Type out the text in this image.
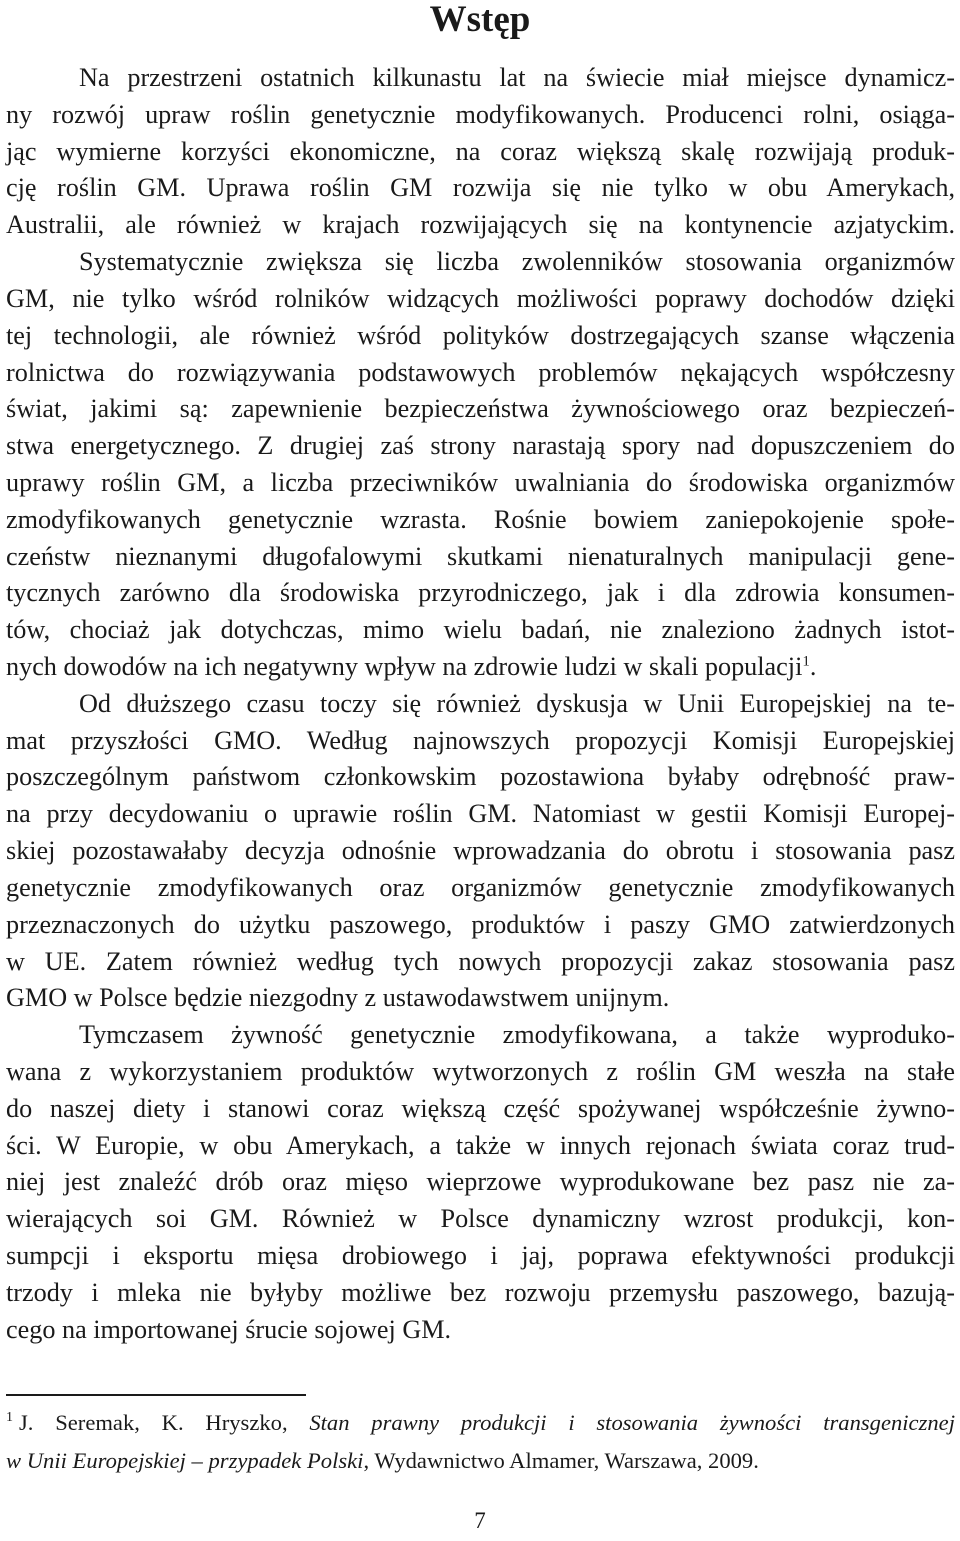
Wstęp
Na przestrzeni ostatnich kilkunastu lat na świecie miał miejsce dynamicz-
ny rozwój upraw roślin genetycznie modyfikowanych. Producenci rolni, osiąga-
jąc wymierne korzyści ekonomiczne, na coraz większą skalę rozwijają produk-
cję roślin GM. Uprawa roślin GM rozwija się nie tylko w obu Amerykach,
Australii, ale również w krajach rozwijających się na kontynencie azjatyckim.
Systematycznie zwiększa się liczba zwolenników stosowania organizmów
GM, nie tylko wśród rolników widzących możliwości poprawy dochodów dzięki
tej technologii, ale również wśród polityków dostrzegających szanse włączenia
rolnictwa do rozwiązywania podstawowych problemów nękających współczesny
świat, jakimi są: zapewnienie bezpieczeństwa żywnościowego oraz bezpieczeń-
stwa energetycznego. Z drugiej zaś strony narastają spory nad dopuszczeniem do
uprawy roślin GM, a liczba przeciwników uwalniania do środowiska organizmów
zmodyfikowanych genetycznie wzrasta. Rośnie bowiem zaniepokojenie społe-
czeństw nieznanymi długofalowymi skutkami nienaturalnych manipulacji gene-
tycznych zarówno dla środowiska przyrodniczego, jak i dla zdrowia konsumen-
tów, chociaż jak dotychczas, mimo wielu badań, nie znaleziono żadnych istot-
nych dowodów na ich negatywny wpływ na zdrowie ludzi w skali populacji$^1$.
Od dłuższego czasu toczy się również dyskusja w Unii Europejskiej na te-
mat przyszłości GMO. Według najnowszych propozycji Komisji Europejskiej
poszczególnym państwom członkowskim pozostawiona byłaby odrębność praw-
na przy decydowaniu o uprawie roślin GM. Natomiast w gestii Komisji Europej-
skiej pozostawałaby decyzja odnośnie wprowadzania do obrotu i stosowania pasz
genetycznie zmodyfikowanych oraz organizmów genetycznie zmodyfikowanych
przeznaczonych do użytku paszowego, produktów i paszy GMO zatwierdzonych
w UE. Zatem również według tych nowych propozycji zakaz stosowania pasz
GMO w Polsce będzie niezgodny z ustawodawstwem unijnym.
Tymczasem żywność genetycznie zmodyfikowana, a także wyproduko-
wana z wykorzystaniem produktów wytworzonych z roślin GM weszła na stałe
do naszej diety i stanowi coraz większą część spożywanej współcześnie żywno-
ści. W Europie, w obu Amerykach, a także w innych rejonach świata coraz trud-
niej jest znaleźć drób oraz mięso wieprzowe wyprodukowane bez pasz nie za-
wierających soi GM. Również w Polsce dynamiczny wzrost produkcji, kon-
sumpcji i eksportu mięsa drobiowego i jaj, poprawa efektywności produkcji
trzody i mleka nie byłyby możliwe bez rozwoju przemysłu paszowego, bazują-
cego na importowanej śrucie sojowej GM.
$^1$ J. Seremak, K. Hryszko, Stan prawny produkcji i stosowania żywności transgenicznej
w Unii Europejskiej – przypadek Polski, Wydawnictwo Almamer, Warszawa, 2009.
7
